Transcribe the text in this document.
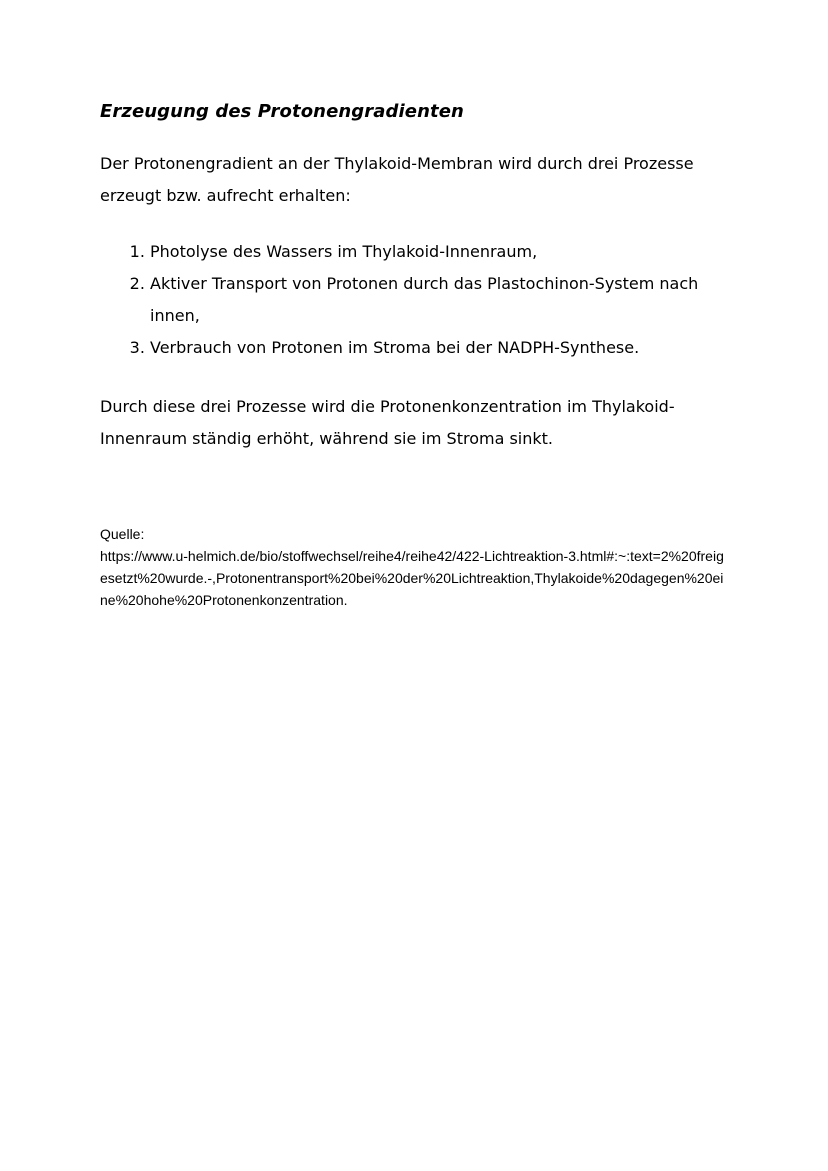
Erzeugung des Protonengradienten

Der Protonengradient an der Thylakoid-Membran wird durch drei Prozesse erzeugt bzw. aufrecht erhalten:

1. Photolyse des Wassers im Thylakoid-Innenraum,
2. Aktiver Transport von Protonen durch das Plastochinon-System nach innen,
3. Verbrauch von Protonen im Stroma bei der NADPH-Synthese.

Durch diese drei Prozesse wird die Protonenkonzentration im Thylakoid-Innenraum ständig erhöht, während sie im Stroma sinkt.

Quelle:

https://www.u-helmich.de/bio/stoffwechsel/reihe4/reihe42/422-Lichtreaktion-3.html#:~:text=2%20freigesetzt%20wurde.-,Protonentransport%20bei%20der%20Lichtreaktion,Thylakoide%20dagegen%20eine%20hohe%20Protonenkonzentration.
